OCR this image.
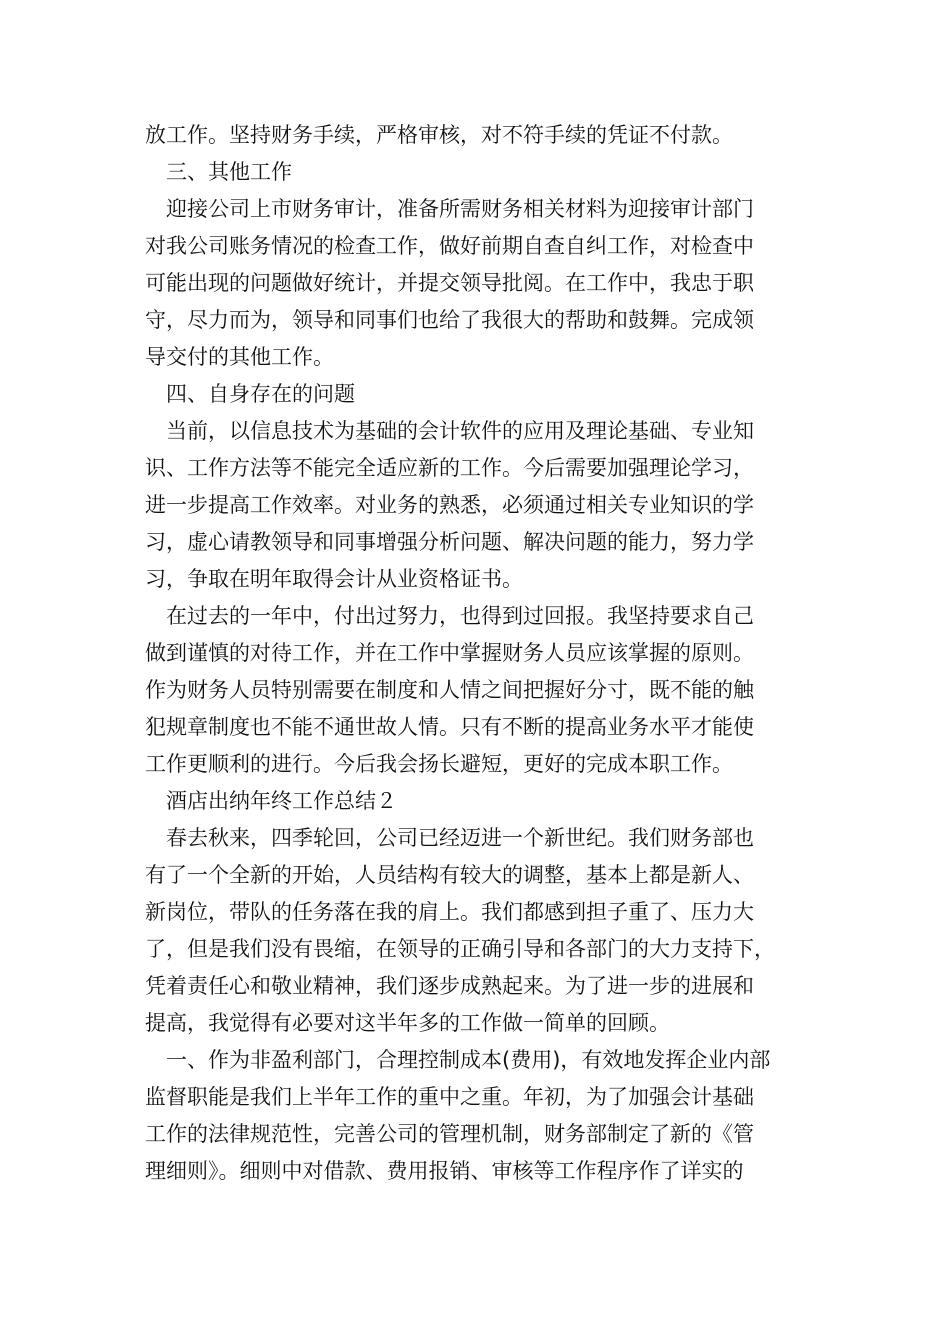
放工作。坚持财务手续，严格审核，对不符手续的凭证不付款。
　三、其他工作
　迎接公司上市财务审计，准备所需财务相关材料为迎接审计部门
对我公司账务情况的检查工作，做好前期自查自纠工作，对检查中
可能出现的问题做好统计，并提交领导批阅。在工作中，我忠于职
守，尽力而为，领导和同事们也给了我很大的帮助和鼓舞。完成领
导交付的其他工作。
　四、自身存在的问题
　当前，以信息技术为基础的会计软件的应用及理论基础、专业知
识、工作方法等不能完全适应新的工作。今后需要加强理论学习，
进一步提高工作效率。对业务的熟悉，必须通过相关专业知识的学
习，虚心请教领导和同事增强分析问题、解决问题的能力，努力学
习，争取在明年取得会计从业资格证书。
　在过去的一年中，付出过努力，也得到过回报。我坚持要求自己
做到谨慎的对待工作，并在工作中掌握财务人员应该掌握的原则。
作为财务人员特别需要在制度和人情之间把握好分寸，既不能的触
犯规章制度也不能不通世故人情。只有不断的提高业务水平才能使
工作更顺利的进行。今后我会扬长避短，更好的完成本职工作。
　酒店出纳年终工作总结２
　春去秋来，四季轮回，公司已经迈进一个新世纪。我们财务部也
有了一个全新的开始，人员结构有较大的调整，基本上都是新人、
新岗位，带队的任务落在我的肩上。我们都感到担子重了、压力大
了，但是我们没有畏缩，在领导的正确引导和各部门的大力支持下，
凭着责任心和敬业精神，我们逐步成熟起来。为了进一步的进展和
提高，我觉得有必要对这半年多的工作做一简单的回顾。
　一、作为非盈利部门，合理控制成本(费用)，有效地发挥企业内部
监督职能是我们上半年工作的重中之重。年初，为了加强会计基础
工作的法律规范性，完善公司的管理机制，财务部制定了新的《管
理细则》。细则中对借款、费用报销、审核等工作程序作了详实的
